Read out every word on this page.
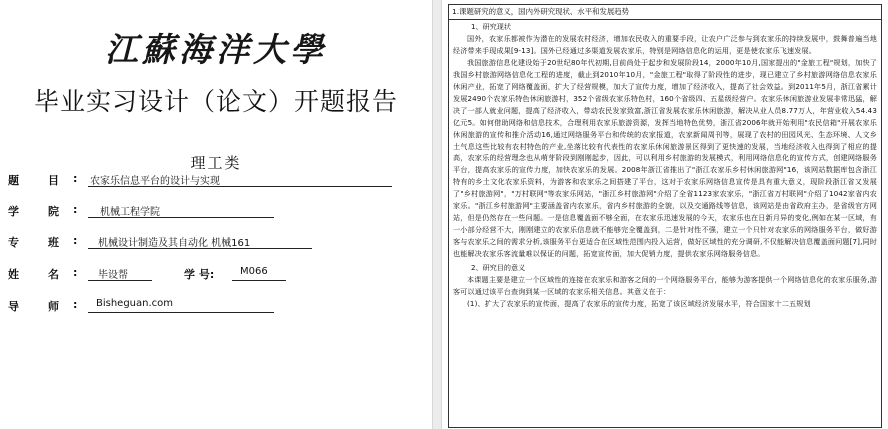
江蘇海洋大學
毕业实习设计（论文）开题报告
理工类
题	目 : 农家乐信息平台的设计与实现
学	院 : 机械工程学院
专	班 : 机械设计制造及其自动化 机械161
姓	名 : 毕设帮	学 号:	M066
导	师 : Bisheguan.com
1.课题研究的意义，国内外研究现状、水平和发展趋势
1、研究现状

国外，农家乐都被作为潜在的发展农村经济，增加农民收入的重要手段，让农户广泛参与到农家乐的持续发展中，鼓舞普遍当地经济带来手现成果[9-13]。国外已经通过多渠道发展农家乐，特别是网络信息化的运用，更是使农家乐飞速发展。

我国旅游信息化建设始于20世纪80年代初期,目前尚处于起步和发展阶段14，2000年10月,国家提出的"金旅工程"规划，加快了我国乡村旅游网络信息化工程的进度，截止到2010年10月，"金旅工程"取得了阶段性的进步，现已建立了乡村旅游网络信息农家乐休闲产业，拓宽了网络覆盖面，扩大了经营规模，加大了宣传力度，增加了经济收入，提高了社会效益。到2011年5月，浙江省累计发展2490个农家乐特色休闲旅游村，352个省级农家乐特色村，160个省级四、五星级经营户。农家乐休闲旅游业发展非常迅猛，解决了一部人就业问题，提高了经济收入，带动农民发家致富,浙江省发展农家乐休闲旅游，解决从业人员8.77万人，年营业收入54.43亿元5。如何借助网络和信息技术，合理利用农家乐旅游资源，发挥当地特色优势，浙江省2006年就开始利用"农民信箱"开展农家乐休闲旅游的宣传和推介活动16,通过网络服务平台和传统的农家报道，农家新闻周刊等，展现了农村的田园风光、生态环境、人文乡土气息这些比较有农村特色的产业,坐落比较有代表性的农家乐休闲旅游景区得到了更快速的发展，当地经济收入也得到了相应的提高，农家乐的经营理念也从萌芽阶段到刚刚起步，因此，可以利用乡村旅游的发展模式，利用网络信息化的宣传方式，创建网络服务平台，提高农家乐的宣传力度，加快农家乐的发展。2008年浙江省推出了"浙江农家乐乡村休闲旅游网"16，该网站数据库包含浙江特有的乡土文化农家乐资料，为游客和农家乐之间搭建了平台，这对于农家乐网络信息宣传是具有重大意义，现阶段浙江省又发展了"乡村旅游网"，"万村联网"等农家乐网站，"浙江乡村旅游网"介绍了全省1123家农家乐，"浙江省万村联网"介绍了1042家省内农家乐。"浙江乡村旅游网"主要涵盖省内农家乐，省内乡村旅游的全貌，以及交通路线等信息，该网站是由省政府主办，是省级官方网站，但是仍然存在一些问题。一是信息覆盖面不够全面，在农家乐迅速发展的今天，农家乐也在日新月异的变化,例如在某一区域，有一小部分经营不大，刚刚建立的农家乐信息就不能够完全覆盖到，二是针对性不强，建立一个只针对农家乐的网络服务平台，做好游客与农家乐之间的需求分析,该服务平台更适合在区域性范围内投入运营，做好区域性的充分调研,不仅能解决信息覆盖面问题[7],同时也能解决农家乐客流量难以保证的问题，拓宽宣传面，加大促销力度，提供农家乐网络服务信息。

2、研究目的意义

本课题主要是建立一个区域性的连接在农家乐和游客之间的一个网络服务平台，能够为游客提供一个网络信息化的农家乐服务,游客可以通过该平台查询到某一区域的农家乐相关信息。其意义在于：

(1)、扩大了农家乐的宣传面，提高了农家乐的宣传力度，拓宽了该区域经济发展水平，符合国家十二五规划
